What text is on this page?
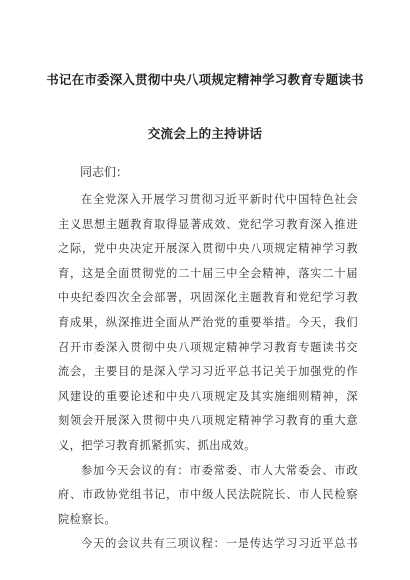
书记在市委深入贯彻中央八项规定精神学习教育专题读书
交流会上的主持讲话
同志们：

在全党深入开展学习贯彻习近平新时代中国特色社会
主义思想主题教育取得显著成效、党纪学习教育深入推进
之际，党中央决定开展深入贯彻中央八项规定精神学习教
育，这是全面贯彻党的二十届三中全会精神，落实二十届
中央纪委四次全会部署，巩固深化主题教育和党纪学习教
育成果，纵深推进全面从严治党的重要举措。今天，我们
召开市委深入贯彻中央八项规定精神学习教育专题读书交
流会，主要目的是深入学习习近平总书记关于加强党的作
风建设的重要论述和中央八项规定及其实施细则精神，深
刻领会开展深入贯彻中央八项规定精神学习教育的重大意
义，把学习教育抓紧抓实、抓出成效。

参加今天会议的有：市委常委、市人大常委会、市政
府、市政协党组书记，市中级人民法院院长、市人民检察
院检察长。

今天的会议共有三项议程：一是传达学习习近平总书
